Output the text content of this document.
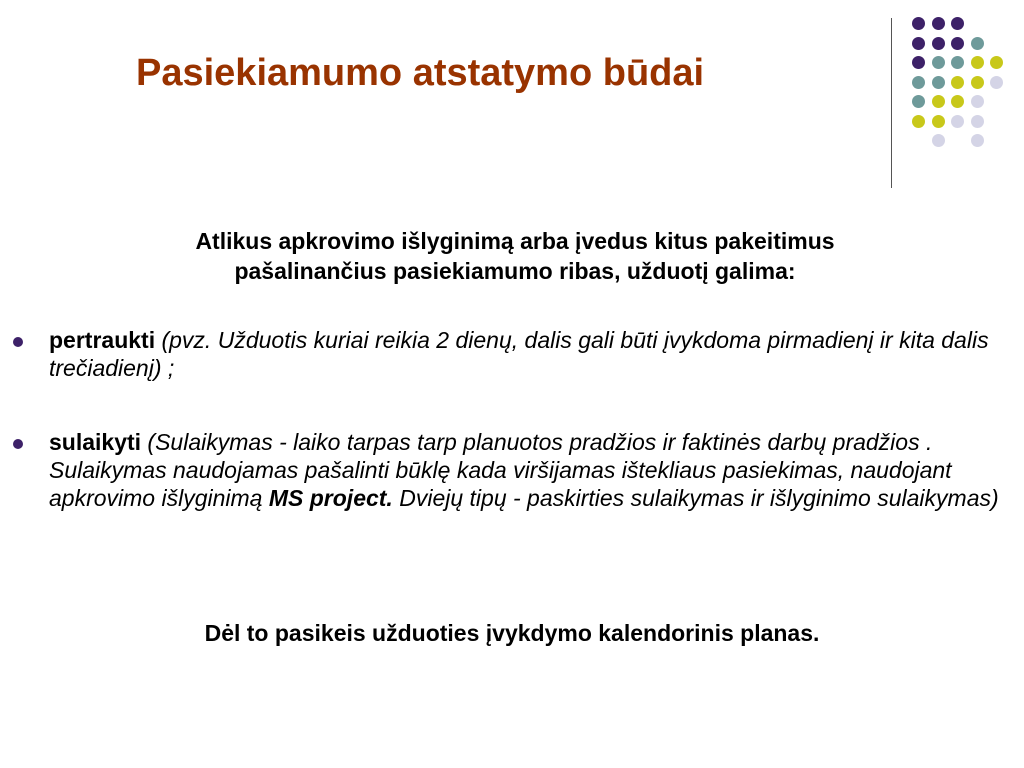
Pasiekiamumo atstatymo būdai
Atlikus apkrovimo išlyginimą arba įvedus kitus pakeitimus
pašalinančius pasiekiamumo ribas, užduotį galima:
pertraukti (pvz. Užduotis kuriai reikia 2 dienų, dalis gali būti įvykdoma pirmadienį ir kita dalis trečiadienį) ;
sulaikyti (Sulaikymas - laiko tarpas tarp planuotos pradžios ir faktinės darbų pradžios . Sulaikymas naudojamas pašalinti būklę kada viršijamas ištekliaus pasiekimas, naudojant apkrovimo išlyginimą MS project. Dviejų tipų - paskirties sulaikymas ir išlyginimo sulaikymas)
Dėl to pasikeis užduoties įvykdymo kalendorinis planas.
